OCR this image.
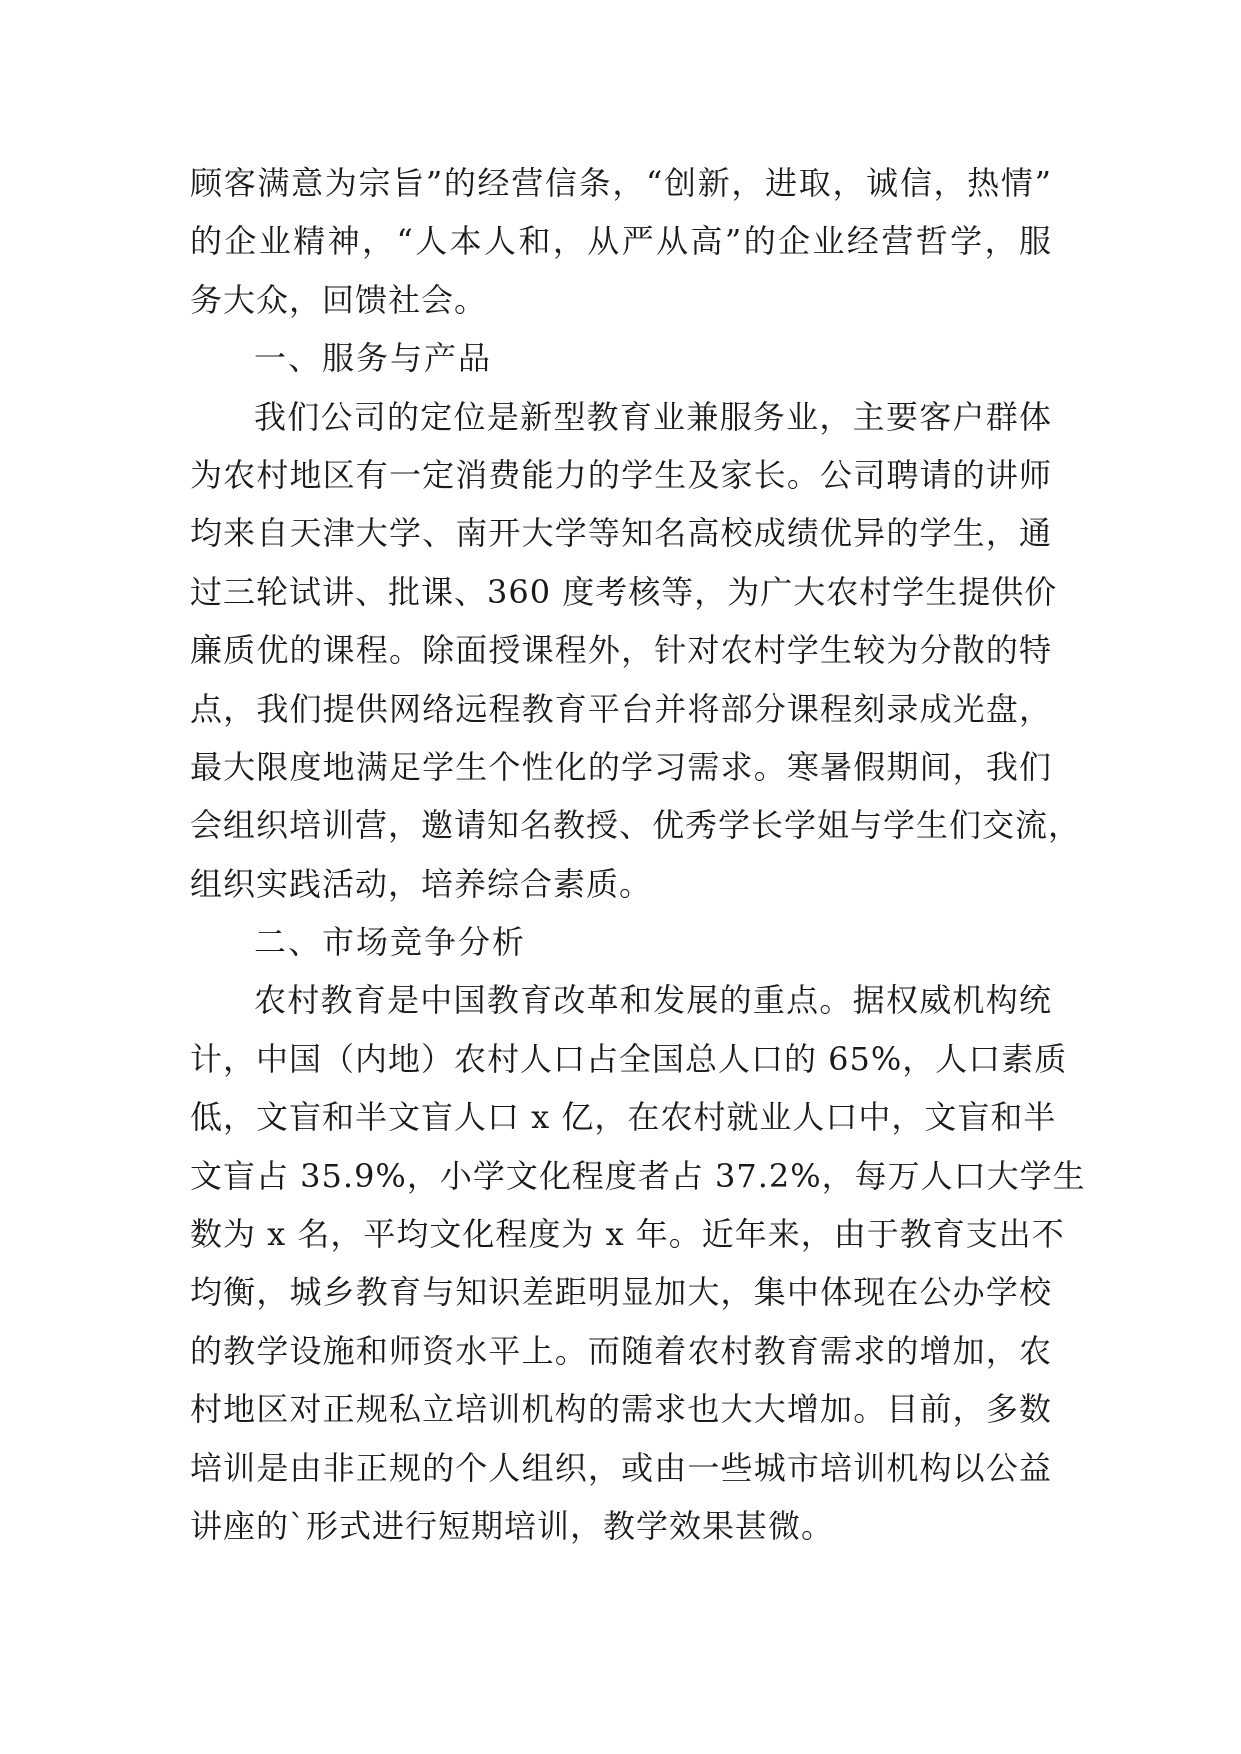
顾客满意为宗旨”的经营信条，“创新，进取，诚信，热情”
的企业精神，“人本人和，从严从高”的企业经营哲学，服
务大众，回馈社会。
一、服务与产品
我们公司的定位是新型教育业兼服务业，主要客户群体
为农村地区有一定消费能力的学生及家长。公司聘请的讲师
均来自天津大学、南开大学等知名高校成绩优异的学生，通
过三轮试讲、批课、360 度考核等，为广大农村学生提供价
廉质优的课程。除面授课程外，针对农村学生较为分散的特
点，我们提供网络远程教育平台并将部分课程刻录成光盘，
最大限度地满足学生个性化的学习需求。寒暑假期间，我们
会组织培训营，邀请知名教授、优秀学长学姐与学生们交流，
组织实践活动，培养综合素质。
二、市场竞争分析
农村教育是中国教育改革和发展的重点。据权威机构统
计，中国（内地）农村人口占全国总人口的 65%，人口素质
低，文盲和半文盲人口 x 亿，在农村就业人口中，文盲和半
文盲占 35.9%，小学文化程度者占 37.2%，每万人口大学生
数为 x 名，平均文化程度为 x 年。近年来，由于教育支出不
均衡，城乡教育与知识差距明显加大，集中体现在公办学校
的教学设施和师资水平上。而随着农村教育需求的增加，农
村地区对正规私立培训机构的需求也大大增加。目前，多数
培训是由非正规的个人组织，或由一些城市培训机构以公益
讲座的`形式进行短期培训，教学效果甚微。
